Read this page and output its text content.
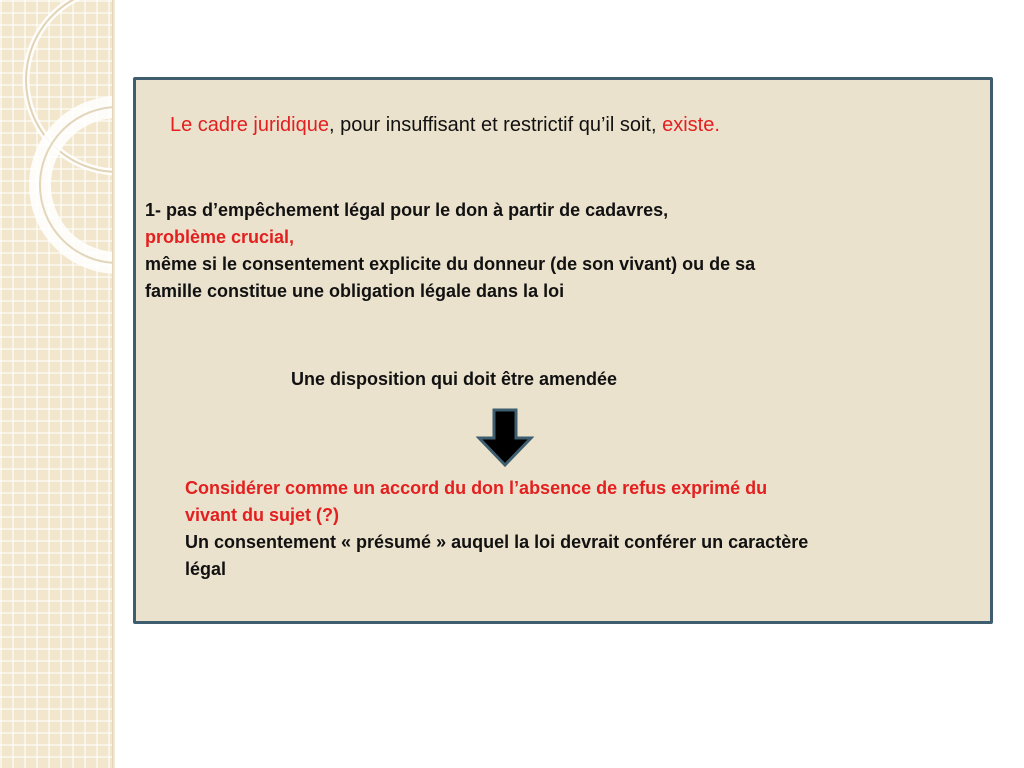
Le cadre juridique, pour insuffisant et restrictif qu’il soit, existe.
1- pas d’empêchement légal pour le don à partir de cadavres,
problème crucial,
même si le consentement explicite du donneur (de son vivant) ou de sa
famille constitue une obligation légale dans la loi
Une disposition qui doit être amendée
Considérer comme un accord du don l’absence de refus exprimé du
vivant du sujet (?)
Un consentement « présumé » auquel la loi devrait conférer un caractère
légal
